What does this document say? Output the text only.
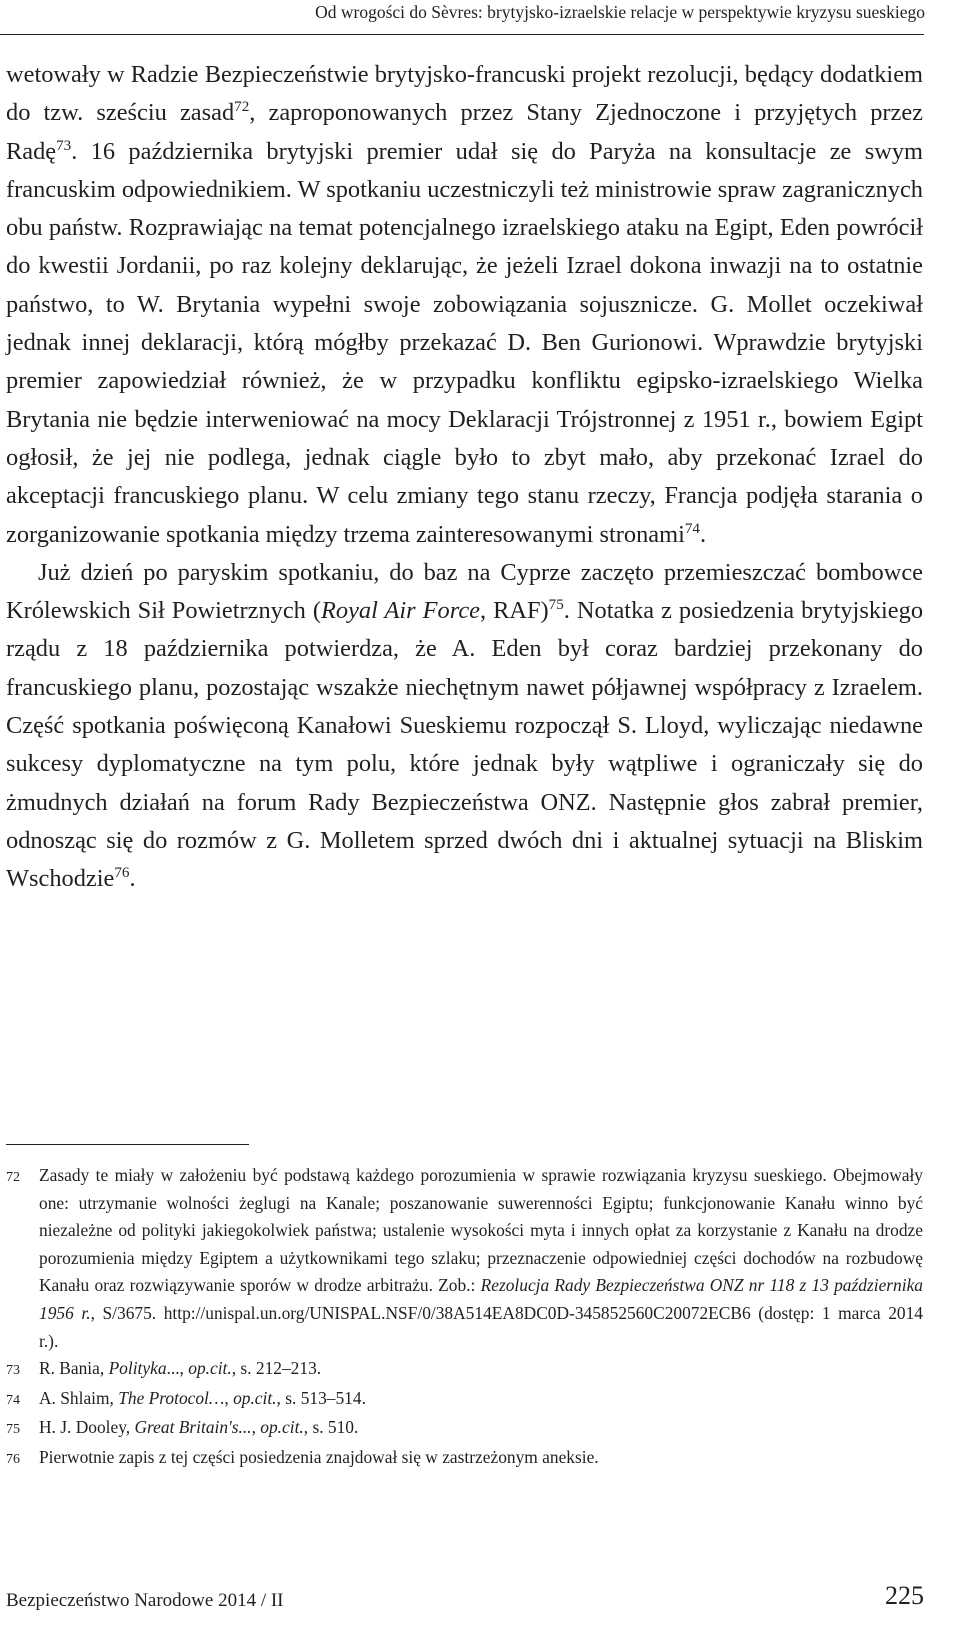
Od wrogości do Sèvres: brytyjsko-izraelskie relacje w perspektywie kryzysu sueskiego

wetowały w Radzie Bezpieczeństwie brytyjsko-francuski projekt rezolucji, będący dodatkiem do tzw. sześciu zasad$^{72}$, zaproponowanych przez Stany Zjednoczone i przyjętych przez Radę$^{73}$. 16 października brytyjski premier udał się do Paryża na konsultacje ze swym francuskim odpowiednikiem. W spotkaniu uczestniczyli też ministrowie spraw zagranicznych obu państw. Rozprawiając na temat potencjalnego izraelskiego ataku na Egipt, Eden powrócił do kwestii Jordanii, po raz kolejny deklarując, że jeżeli Izrael dokona inwazji na to ostatnie państwo, to W. Brytania wypełni swoje zobowiązania sojusznicze. G. Mollet oczekiwał jednak innej deklaracji, którą mógłby przekazać D. Ben Gurionowi. Wprawdzie brytyjski premier zapowiedział również, że w przypadku konfliktu egipsko-izraelskiego Wielka Brytania nie będzie interweniować na mocy Deklaracji Trójstronnej z 1951 r., bowiem Egipt ogłosił, że jej nie podlega, jednak ciągle było to zbyt mało, aby przekonać Izrael do akceptacji francuskiego planu. W celu zmiany tego stanu rzeczy, Francja podjęła starania o zorganizowanie spotkania między trzema zainteresowanymi stronami$^{74}$.

Już dzień po paryskim spotkaniu, do baz na Cyprze zaczęto przemieszczać bombowce Królewskich Sił Powietrznych (Royal Air Force, RAF)$^{75}$. Notatka z posiedzenia brytyjskiego rządu z 18 października potwierdza, że A. Eden był coraz bardziej przekonany do francuskiego planu, pozostając wszakże niechętnym nawet półjawnej współpracy z Izraelem. Część spotkania poświęconą Kanałowi Sueskiemu rozpoczął S. Lloyd, wyliczając niedawne sukcesy dyplomatyczne na tym polu, które jednak były wątpliwe i ograniczały się do żmudnych działań na forum Rady Bezpieczeństwa ONZ. Następnie głos zabrał premier, odnosząc się do rozmów z G. Molletem sprzed dwóch dni i aktualnej sytuacji na Bliskim Wschodzie$^{76}$.

72	Zasady te miały w założeniu być podstawą każdego porozumienia w sprawie rozwiązania kryzysu sueskiego. Obejmowały one: utrzymanie wolności żeglugi na Kanale; poszanowanie suwerenności Egiptu; funkcjonowanie Kanału winno być niezależne od polityki jakiegokolwiek państwa; ustalenie wysokości myta i innych opłat za korzystanie z Kanału na drodze porozumienia między Egiptem a użytkownikami tego szlaku; przeznaczenie odpowiedniej części dochodów na rozbudowę Kanału oraz rozwiązywanie sporów w drodze arbitrażu. Zob.: Rezolucja Rady Bezpieczeństwa ONZ nr 118 z 13 października 1956 r., S/3675. http://unispal.un.org/UNISPAL.NSF/0/38A514EA8DC0D-345852560C20072ECB6 (dostęp: 1 marca 2014 r.).
73	R. Bania, Polityka..., op.cit., s. 212–213.
74	A. Shlaim, The Protocol…, op.cit., s. 513–514.
75	H. J. Dooley, Great Britain's..., op.cit., s. 510.
76	Pierwotnie zapis z tej części posiedzenia znajdował się w zastrzeżonym aneksie.
Bezpieczeństwo Narodowe 2014 / II	225
